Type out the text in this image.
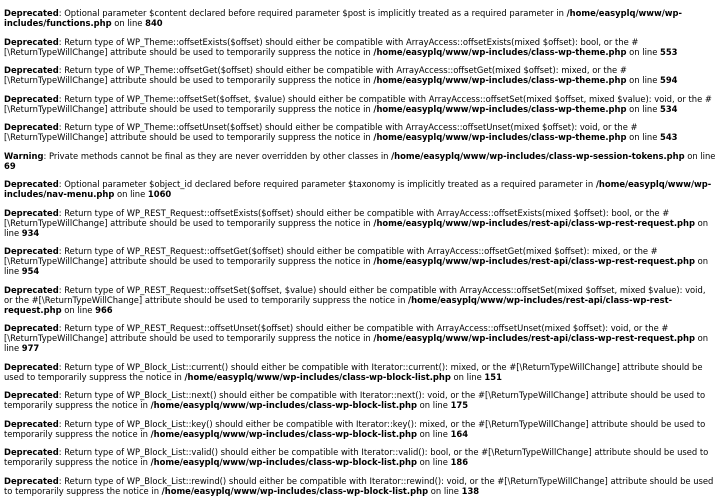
Deprecated: Optional parameter $content declared before required parameter $post is implicitly treated as a required parameter in /home/easyplq/www/wp-includes/functions.php on line 840

Deprecated: Return type of WP_Theme::offsetExists($offset) should either be compatible with ArrayAccess::offsetExists(mixed $offset): bool, or the #[\ReturnTypeWillChange] attribute should be used to temporarily suppress the notice in /home/easyplq/www/wp-includes/class-wp-theme.php on line 553

Deprecated: Return type of WP_Theme::offsetGet($offset) should either be compatible with ArrayAccess::offsetGet(mixed $offset): mixed, or the #[\ReturnTypeWillChange] attribute should be used to temporarily suppress the notice in /home/easyplq/www/wp-includes/class-wp-theme.php on line 594

Deprecated: Return type of WP_Theme::offsetSet($offset, $value) should either be compatible with ArrayAccess::offsetSet(mixed $offset, mixed $value): void, or the #[\ReturnTypeWillChange] attribute should be used to temporarily suppress the notice in /home/easyplq/www/wp-includes/class-wp-theme.php on line 534

Deprecated: Return type of WP_Theme::offsetUnset($offset) should either be compatible with ArrayAccess::offsetUnset(mixed $offset): void, or the #[\ReturnTypeWillChange] attribute should be used to temporarily suppress the notice in /home/easyplq/www/wp-includes/class-wp-theme.php on line 543

Warning: Private methods cannot be final as they are never overridden by other classes in /home/easyplq/www/wp-includes/class-wp-session-tokens.php on line 69

Deprecated: Optional parameter $object_id declared before required parameter $taxonomy is implicitly treated as a required parameter in /home/easyplq/www/wp-includes/nav-menu.php on line 1060

Deprecated: Return type of WP_REST_Request::offsetExists($offset) should either be compatible with ArrayAccess::offsetExists(mixed $offset): bool, or the #[\ReturnTypeWillChange] attribute should be used to temporarily suppress the notice in /home/easyplq/www/wp-includes/rest-api/class-wp-rest-request.php on line 934

Deprecated: Return type of WP_REST_Request::offsetGet($offset) should either be compatible with ArrayAccess::offsetGet(mixed $offset): mixed, or the #[\ReturnTypeWillChange] attribute should be used to temporarily suppress the notice in /home/easyplq/www/wp-includes/rest-api/class-wp-rest-request.php on line 954

Deprecated: Return type of WP_REST_Request::offsetSet($offset, $value) should either be compatible with ArrayAccess::offsetSet(mixed $offset, mixed $value): void, or the #[\ReturnTypeWillChange] attribute should be used to temporarily suppress the notice in /home/easyplq/www/wp-includes/rest-api/class-wp-rest-request.php on line 966

Deprecated: Return type of WP_REST_Request::offsetUnset($offset) should either be compatible with ArrayAccess::offsetUnset(mixed $offset): void, or the #[\ReturnTypeWillChange] attribute should be used to temporarily suppress the notice in /home/easyplq/www/wp-includes/rest-api/class-wp-rest-request.php on line 977

Deprecated: Return type of WP_Block_List::current() should either be compatible with Iterator::current(): mixed, or the #[\ReturnTypeWillChange] attribute should be used to temporarily suppress the notice in /home/easyplq/www/wp-includes/class-wp-block-list.php on line 151

Deprecated: Return type of WP_Block_List::next() should either be compatible with Iterator::next(): void, or the #[\ReturnTypeWillChange] attribute should be used to temporarily suppress the notice in /home/easyplq/www/wp-includes/class-wp-block-list.php on line 175

Deprecated: Return type of WP_Block_List::key() should either be compatible with Iterator::key(): mixed, or the #[\ReturnTypeWillChange] attribute should be used to temporarily suppress the notice in /home/easyplq/www/wp-includes/class-wp-block-list.php on line 164

Deprecated: Return type of WP_Block_List::valid() should either be compatible with Iterator::valid(): bool, or the #[\ReturnTypeWillChange] attribute should be used to temporarily suppress the notice in /home/easyplq/www/wp-includes/class-wp-block-list.php on line 186

Deprecated: Return type of WP_Block_List::rewind() should either be compatible with Iterator::rewind(): void, or the #[\ReturnTypeWillChange] attribute should be used to temporarily suppress the notice in /home/easyplq/www/wp-includes/class-wp-block-list.php on line 138
